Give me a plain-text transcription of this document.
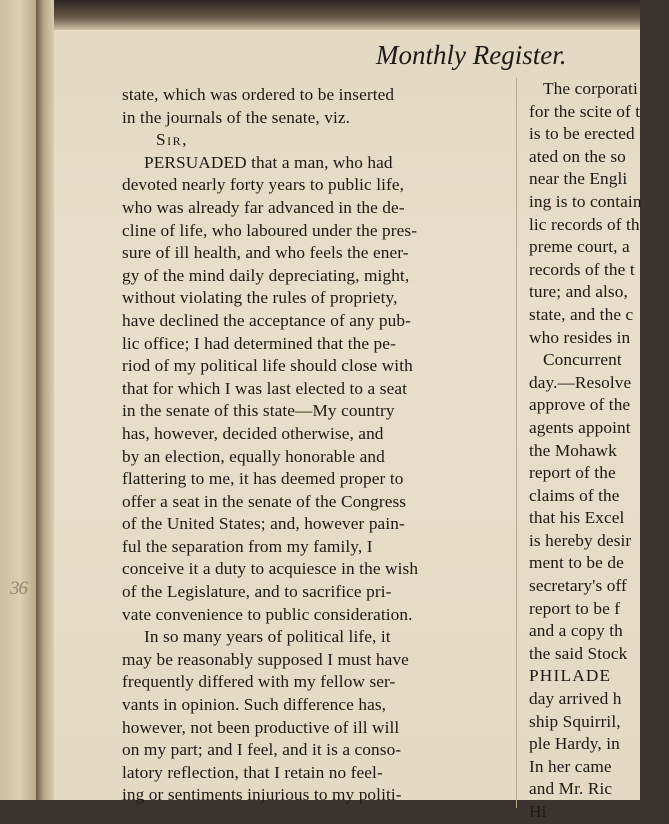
36
Monthly Register.
state, which was ordered to be inserted
in the journals of the senate, viz.
Sir,
PERSUADED that a man, who had
devoted nearly forty years to public life,
who was already far advanced in the de-
cline of life, who laboured under the pres-
sure of ill health, and who feels the ener-
gy of the mind daily depreciating, might,
without violating the rules of propriety,
have declined the acceptance of any pub-
lic office; I had determined that the pe-
riod of my political life should close with
that for which I was last elected to a seat
in the senate of this state—My country
has, however, decided otherwise, and
by an election, equally honorable and
flattering to me, it has deemed proper to
offer a seat in the senate of the Congress
of the United States; and, however pain-
ful the separation from my family, I
conceive it a duty to acquiesce in the wish
of the Legislature, and to sacrifice pri-
vate convenience to public consideration.
In so many years of political life, it
may be reasonably supposed I must have
frequently differed with my fellow ser-
vants in opinion. Such difference has,
however, not been productive of ill will
on my part; and I feel, and it is a conso-
latory reflection, that I retain no feel-
ing or sentiments injurious to my politi-
The corporati
for the scite of t
is to be erected
ated on the so
near the Engli
ing is to contain
lic records of th
preme court, a
records of the t
ture; and also,
state, and the c
who resides in
Concurrent
day.—Resolve
approve of the
agents appoint
the Mohawk
report of the
claims of the
that his Excel
is hereby desir
ment to be de
secretary's off
report to be f
and a copy th
the said Stock
PHILADE
day arrived h
ship Squirril,
ple Hardy, in
In her came
and Mr. Ric
Hi
